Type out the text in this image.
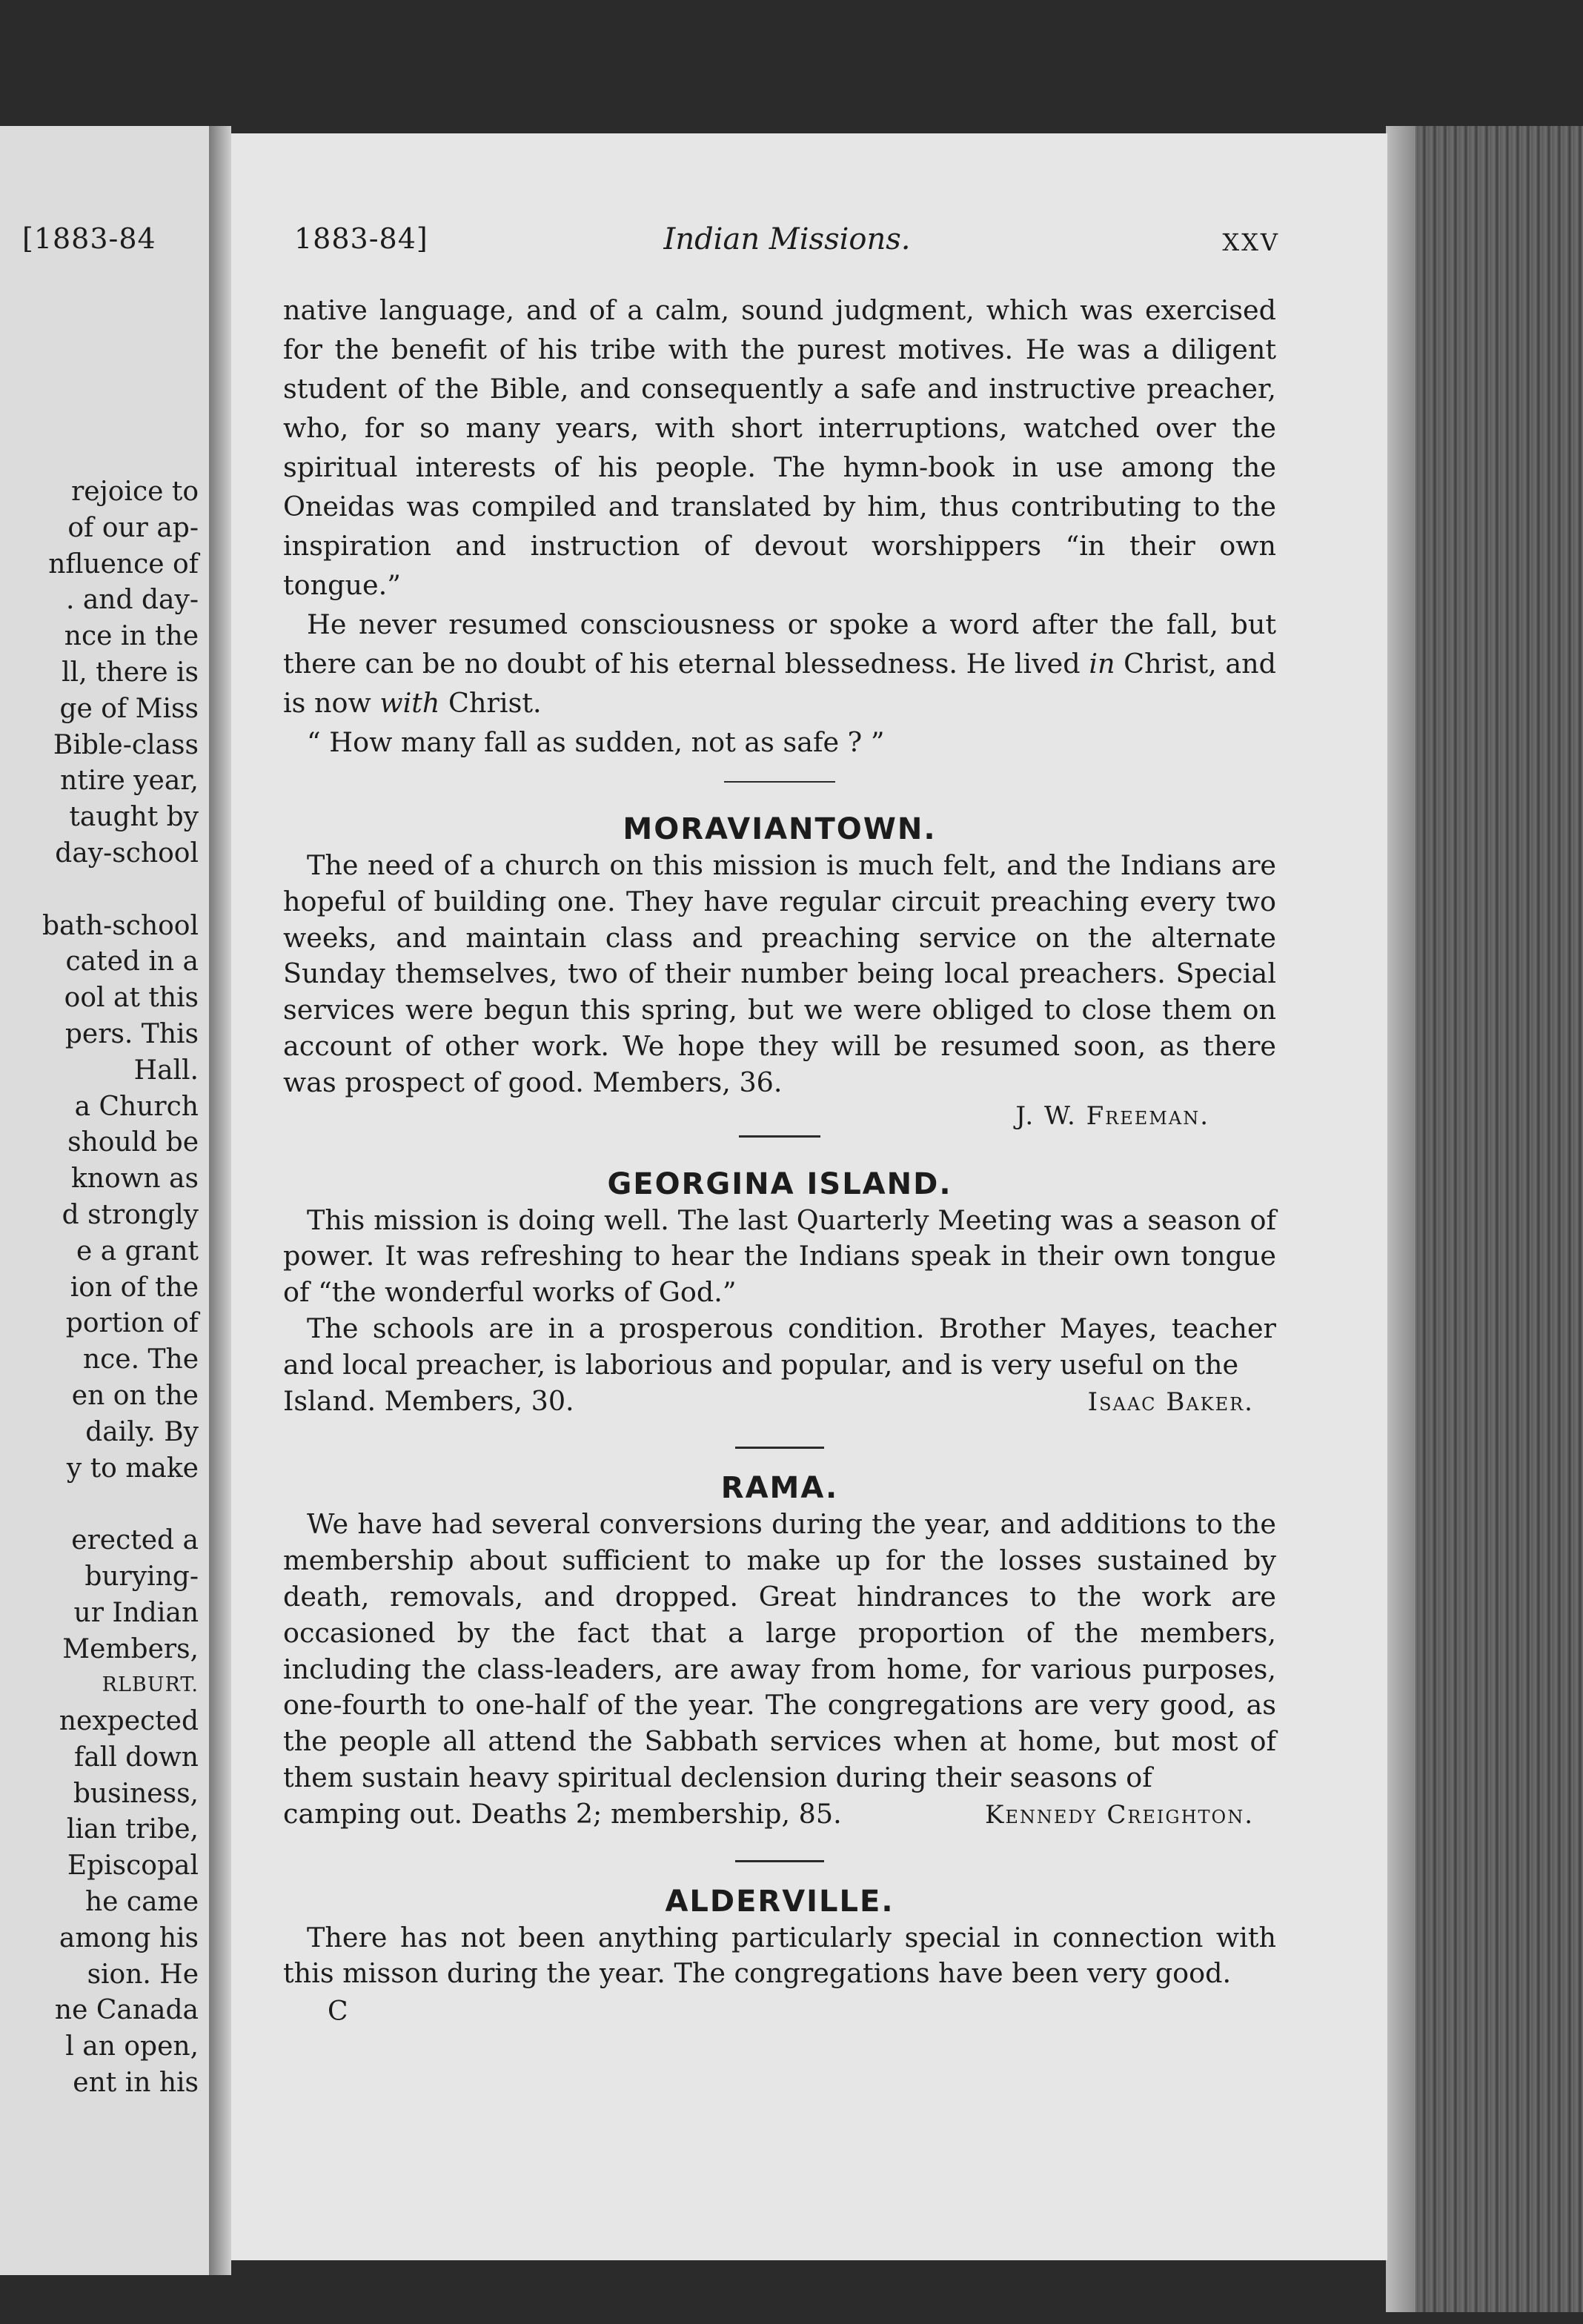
[1883-84
rejoice to
of our ap-
nfluence of
. and day-
nce in the
ll, there is
ge of Miss
Bible-class
ntire year,
taught by
day-school
bath-school
cated in a
ool at this
pers. This
Hall.
a Church
should be
known as
d strongly
e a grant
ion of the
portion of
nce. The
en on the
daily. By
y to make
erected a
burying-
ur Indian
Members,
RLBURT.
nexpected
fall down
business,
lian tribe,
Episcopal
he came
among his
sion. He
ne Canada
l an open,
ent in his
1883-84]	Indian Missions.	XXV

native language, and of a calm, sound judgment, which was exercised for the benefit of his tribe with the purest motives. He was a diligent student of the Bible, and consequently a safe and instructive preacher, who, for so many years, with short interruptions, watched over the spiritual interests of his people. The hymn-book in use among the Oneidas was compiled and translated by him, thus contributing to the inspiration and instruction of devout worshippers “in their own tongue.”

He never resumed consciousness or spoke a word after the fall, but there can be no doubt of his eternal blessedness. He lived in Christ, and is now with Christ.

“ How many fall as sudden, not as safe ? ”

MORAVIANTOWN.

The need of a church on this mission is much felt, and the Indians are hopeful of building one. They have regular circuit preaching every two weeks, and maintain class and preaching service on the alternate Sunday themselves, two of their number being local preachers. Special services were begun this spring, but we were obliged to close them on account of other work. We hope they will be resumed soon, as there was prospect of good. Members, 36.

J. W. Freeman.
GEORGINA ISLAND.

This mission is doing well. The last Quarterly Meeting was a season of power. It was refreshing to hear the Indians speak in their own tongue of “the wonderful works of God.”

The schools are in a prosperous condition. Brother Mayes, teacher and local preacher, is laborious and popular, and is very useful on the

Island. Members, 30.	Isaac Baker.
RAMA.

We have had several conversions during the year, and additions to the membership about sufficient to make up for the losses sustained by death, removals, and dropped. Great hindrances to the work are occasioned by the fact that a large proportion of the members, including the class-leaders, are away from home, for various purposes, one-fourth to one-half of the year. The congregations are very good, as the people all attend the Sabbath services when at home, but most of them sustain heavy spiritual declension during their seasons of

camping out. Deaths 2; membership, 85.	Kennedy Creighton.
ALDERVILLE.

There has not been anything particularly special in connection with this misson during the year. The congregations have been very good.

C
